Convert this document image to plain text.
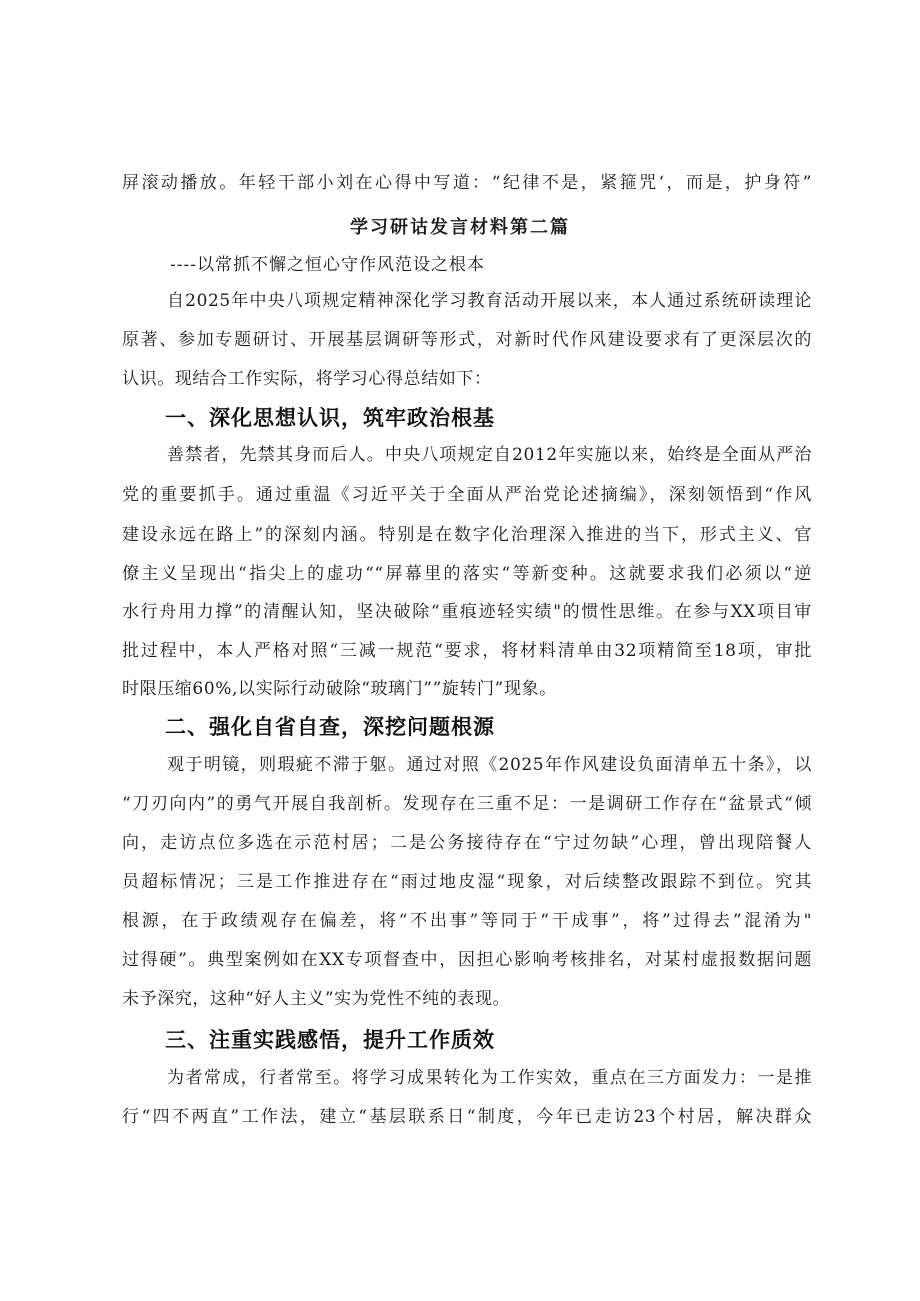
屏滚动播放。年轻干部小刘在心得中写道：“纪律不是，紧箍咒‘，而是，护身符”
学习研诂发言材料第二篇
----以常抓不懈之恒心守作风范设之根本
自2025年中央八项规定精神深化学习教育活动开展以来，本人通过系统研读理论
原著、参加专题研讨、开展基层调研等形式，对新时代作风建设要求有了更深层次的
认识。现结合工作实际，将学习心得总结如下：
一、深化思想认识，筑牢政治根基
善禁者，先禁其身而后人。中央八项规定自2012年实施以来，始终是全面从严治
党的重要抓手。通过重温《习近平关于全面从严治党论述摘编》，深刻领悟到“作风
建设永远在路上”的深刻内涵。特别是在数字化治理深入推进的当下，形式主义、官
僚主义呈现出“指尖上的虚功““屏幕里的落实“等新变种。这就要求我们必须以“逆
水行舟用力撑”的清醒认知，坚决破除“重痕迹轻实绩"的惯性思维。在参与XX项目审
批过程中，本人严格对照“三减一规范“要求，将材料清单由32项精简至18项，审批
时限压缩60%,以实际行动破除“玻璃门””旋转门”现象。
二、强化自省自查，深挖问题根源
观于明镜，则瑕疵不滞于躯。通过对照《2025年作风建设负面清单五十条》，以
“刀刃向内”的勇气开展自我剖析。发现存在三重不足：一是调研工作存在“盆景式“倾
向，走访点位多选在示范村居；二是公务接待存在“宁过勿缺”心理，曾出现陪餐人
员超标情况；三是工作推进存在“雨过地皮湿“现象，对后续整改跟踪不到位。究其
根源，在于政绩观存在偏差，将“不出事”等同于“干成事”，将”过得去”混淆为"
过得硬”。典型案例如在XX专项督查中，因担心影响考核排名，对某村虚报数据问题
未予深究，这种“好人主义”实为党性不纯的表现。
三、注重实践感悟，提升工作质效
为者常成，行者常至。将学习成果转化为工作实效，重点在三方面发力：一是推
行“四不两直”工作法，建立“基层联系日“制度，今年已走访23个村居，解决群众
